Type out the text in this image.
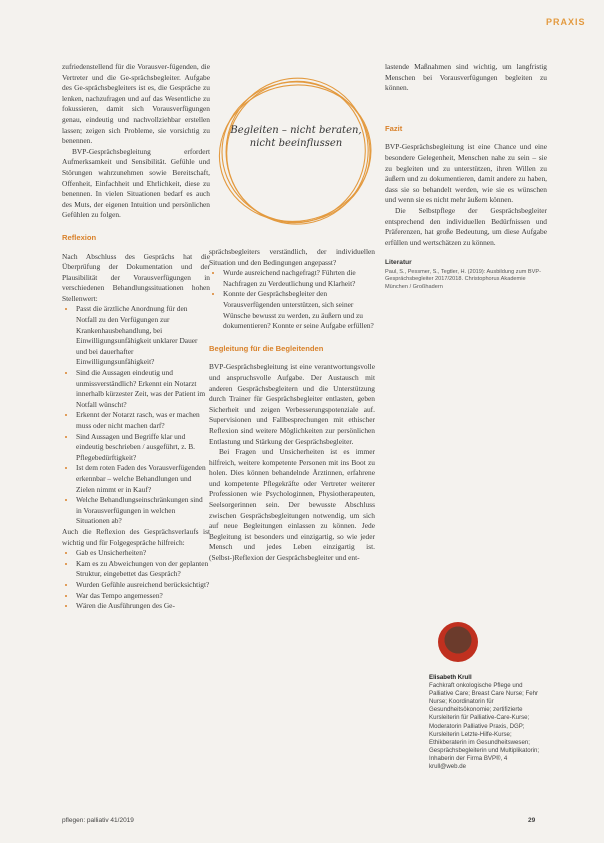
PRAXIS

zufriedenstellend für die Vorausver-fügenden, die Vertreter und die Ge-sprächsbegleiter. Aufgabe des Ge-sprächsbegleiters ist es, die Gespräche zu lenken, nachzufragen und auf das Wesentliche zu fokussieren, damit sich Vorausverfügungen genau, eindeutig und nachvollziehbar erstellen lassen; zeigen sich Probleme, sie vorsichtig zu benennen.

BVP-Gesprächsbegleitung erfordert Aufmerksamkeit und Sensibilität. Gefühle und Störungen wahrzunehmen sowie Bereitschaft, Offenheit, Einfachheit und Ehrlichkeit, diese zu benennen. In vielen Situationen bedarf es auch des Muts, der eigenen Intuition und persönlichen Gefühlen zu folgen.

Reflexion

Nach Abschluss des Gesprächs hat die Überprüfung der Dokumentation und der Plausibilität der Vorausverfügungen in verschiedenen Behandlungssituationen hohen Stellenwert:

• Passt die ärztliche Anordnung für den Notfall zu den Verfügungen zur Krankenhausbehandlung, bei Einwilligungsunfähigkeit unklarer Dauer und bei dauerhafter Einwilligungsunfähigkeit?
• Sind die Aussagen eindeutig und unmissverständlich? Erkennt ein Notarzt innerhalb kürzester Zeit, was der Patient im Notfall wünscht?
• Erkennt der Notarzt rasch, was er machen muss oder nicht machen darf?
• Sind Aussagen und Begriffe klar und eindeutig beschrieben / ausgeführt, z. B. Pflegebedürftigkeit?
• Ist dem roten Faden des Vorausverfügenden erkennbar – welche Behandlungen und Zielen nimmt er in Kauf?
• Welche Behandlungseinschränkungen sind in Vorausverfügungen in welchen Situationen ab?

Auch die Reflexion des Gesprächsverlaufs ist wichtig und für Folgegespräche hilfreich:

• Gab es Unsicherheiten?
• Kam es zu Abweichungen von der geplanten Struktur, eingebettet das Gespräch?
• Wurden Gefühle ausreichend berücksichtigt?
• War das Tempo angemessen?
• Wären die Ausführungen des Ge-
Begleiten – nicht beraten, nicht beeinflussen

sprächsbegleiters verständlich, der individuellen Situation und den Bedingungen angepasst?

• Wurde ausreichend nachgefragt? Führten die Nachfragen zu Verdeutlichung und Klarheit?
• Konnte der Gesprächsbegleiter den Vorausverfügenden unterstützen, sich seiner Wünsche bewusst zu werden, zu äußern und zu dokumentieren? Konnte er seine Aufgabe erfüllen?
Begleitung für die Begleitenden

BVP-Gesprächsbegleitung ist eine verantwortungsvolle und anspruchsvolle Aufgabe. Der Austausch mit anderen Gesprächsbegleitern und die Unterstützung durch Trainer für Gesprächsbegleiter entlasten, geben Sicherheit und zeigen Verbesserungspotenziale auf. Supervisionen und Fallbesprechungen mit ethischer Reflexion sind weitere Möglichkeiten zur persönlichen Entlastung und Stärkung der Gesprächsbegleiter.

Bei Fragen und Unsicherheiten ist es immer hilfreich, weitere kompetente Personen mit ins Boot zu holen. Dies können behandelnde Ärztinnen, erfahrene und kompetente Pflegekräfte oder Vertreter weiterer Professionen wie Psychologinnen, Physiotherapeuten, Seelsorgerinnen sein. Der bewusste Abschluss zwischen Gesprächsbegleitungen notwendig, um sich auf neue Begleitungen einlassen zu können. Jede Begleitung ist besonders und einzigartig, so wie jeder Mensch und jedes Leben einzigartig ist. (Selbst-)Reflexion der Gesprächsbegleiter und ent-

lastende Maßnahmen sind wichtig, um langfristig Menschen bei Vorausverfügungen begleiten zu können.

Fazit

BVP-Gesprächsbegleitung ist eine Chance und eine besondere Gelegenheit, Menschen nahe zu sein – sie zu begleiten und zu unterstützen, ihren Willen zu äußern und zu dokumentieren, damit andere zu haben, dass sie so behandelt werden, wie sie es wünschen und wenn sie es nicht mehr äußern können.

Die Selbstpflege der Gesprächsbegleiter entsprechend den individuellen Bedürfnissen und Präferenzen, hat große Bedeutung, um diese Aufgabe erfüllen und wertschätzen zu können.

Literatur
Paul, S., Pessmer, S., Tegtler, H. (2019): Ausbildung zum BVP-Gesprächsbegleiter 2017/2018. Christophorus Akademie München / Großhadern
Elisabeth Krull
Fachkraft onkologische Pflege und Palliative Care; Breast Care Nurse; Fehr Nurse; Koordinatorin für Gesundheitsökonomie; zertifizierte Kursleiterin für Palliative-Care-Kurse; Moderatorin Palliative Praxis, DGP; Kursleiterin Letzte-Hilfe-Kurse; Ethikberaterin im Gesundheitswesen; Gesprächsbegleiterin und Multiplikatorin; Inhaberin der Firma BVP®, 4 krull@web.de
pflegen: palliativ 41/2019	29
